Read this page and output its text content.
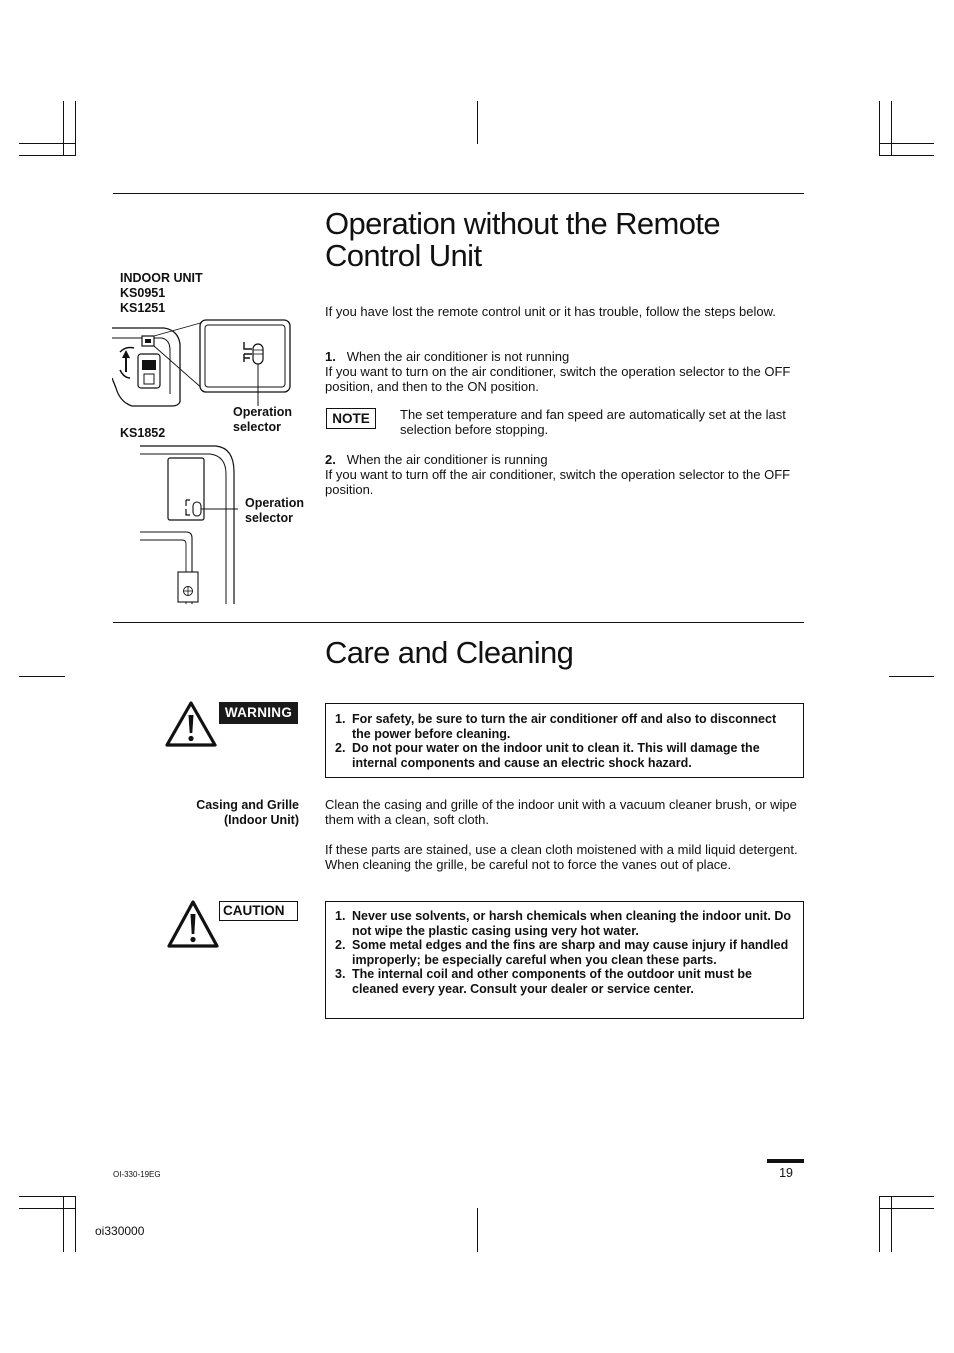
Operation without the Remote
Control Unit
INDOOR UNIT
KS0951
KS1251
Operation
selector
KS1852
Operation
selector

If you have lost the remote control unit or it has trouble, follow the steps below.

1. When the air conditioner is not running

If you want to turn on the air conditioner, switch the operation selector to the OFF position, and then to the ON position.

NOTE	The set temperature and fan speed are automatically set at the last selection before stopping.

2. When the air conditioner is running

If you want to turn off the air conditioner, switch the operation selector to the OFF position.

Care and Cleaning
WARNING	1. For safety, be sure to turn the air conditioner off and also to disconnect the power before cleaning.
2. Do not pour water on the indoor unit to clean it. This will damage the internal components and cause an electric shock hazard.
Casing and Grille
(Indoor Unit)
Clean the casing and grille of the indoor unit with a vacuum cleaner brush, or wipe them with a clean, soft cloth.
If these parts are stained, use a clean cloth moistened with a mild liquid detergent. When cleaning the grille, be careful not to force the vanes out of place.
CAUTION	1. Never use solvents, or harsh chemicals when cleaning the indoor unit. Do not wipe the plastic casing using very hot water.
2. Some metal edges and the fins are sharp and may cause injury if handled improperly; be especially careful when you clean these parts.
3. The internal coil and other components of the outdoor unit must be cleaned every year. Consult your dealer or service center.
19
OI-330-19EG
oi330000
